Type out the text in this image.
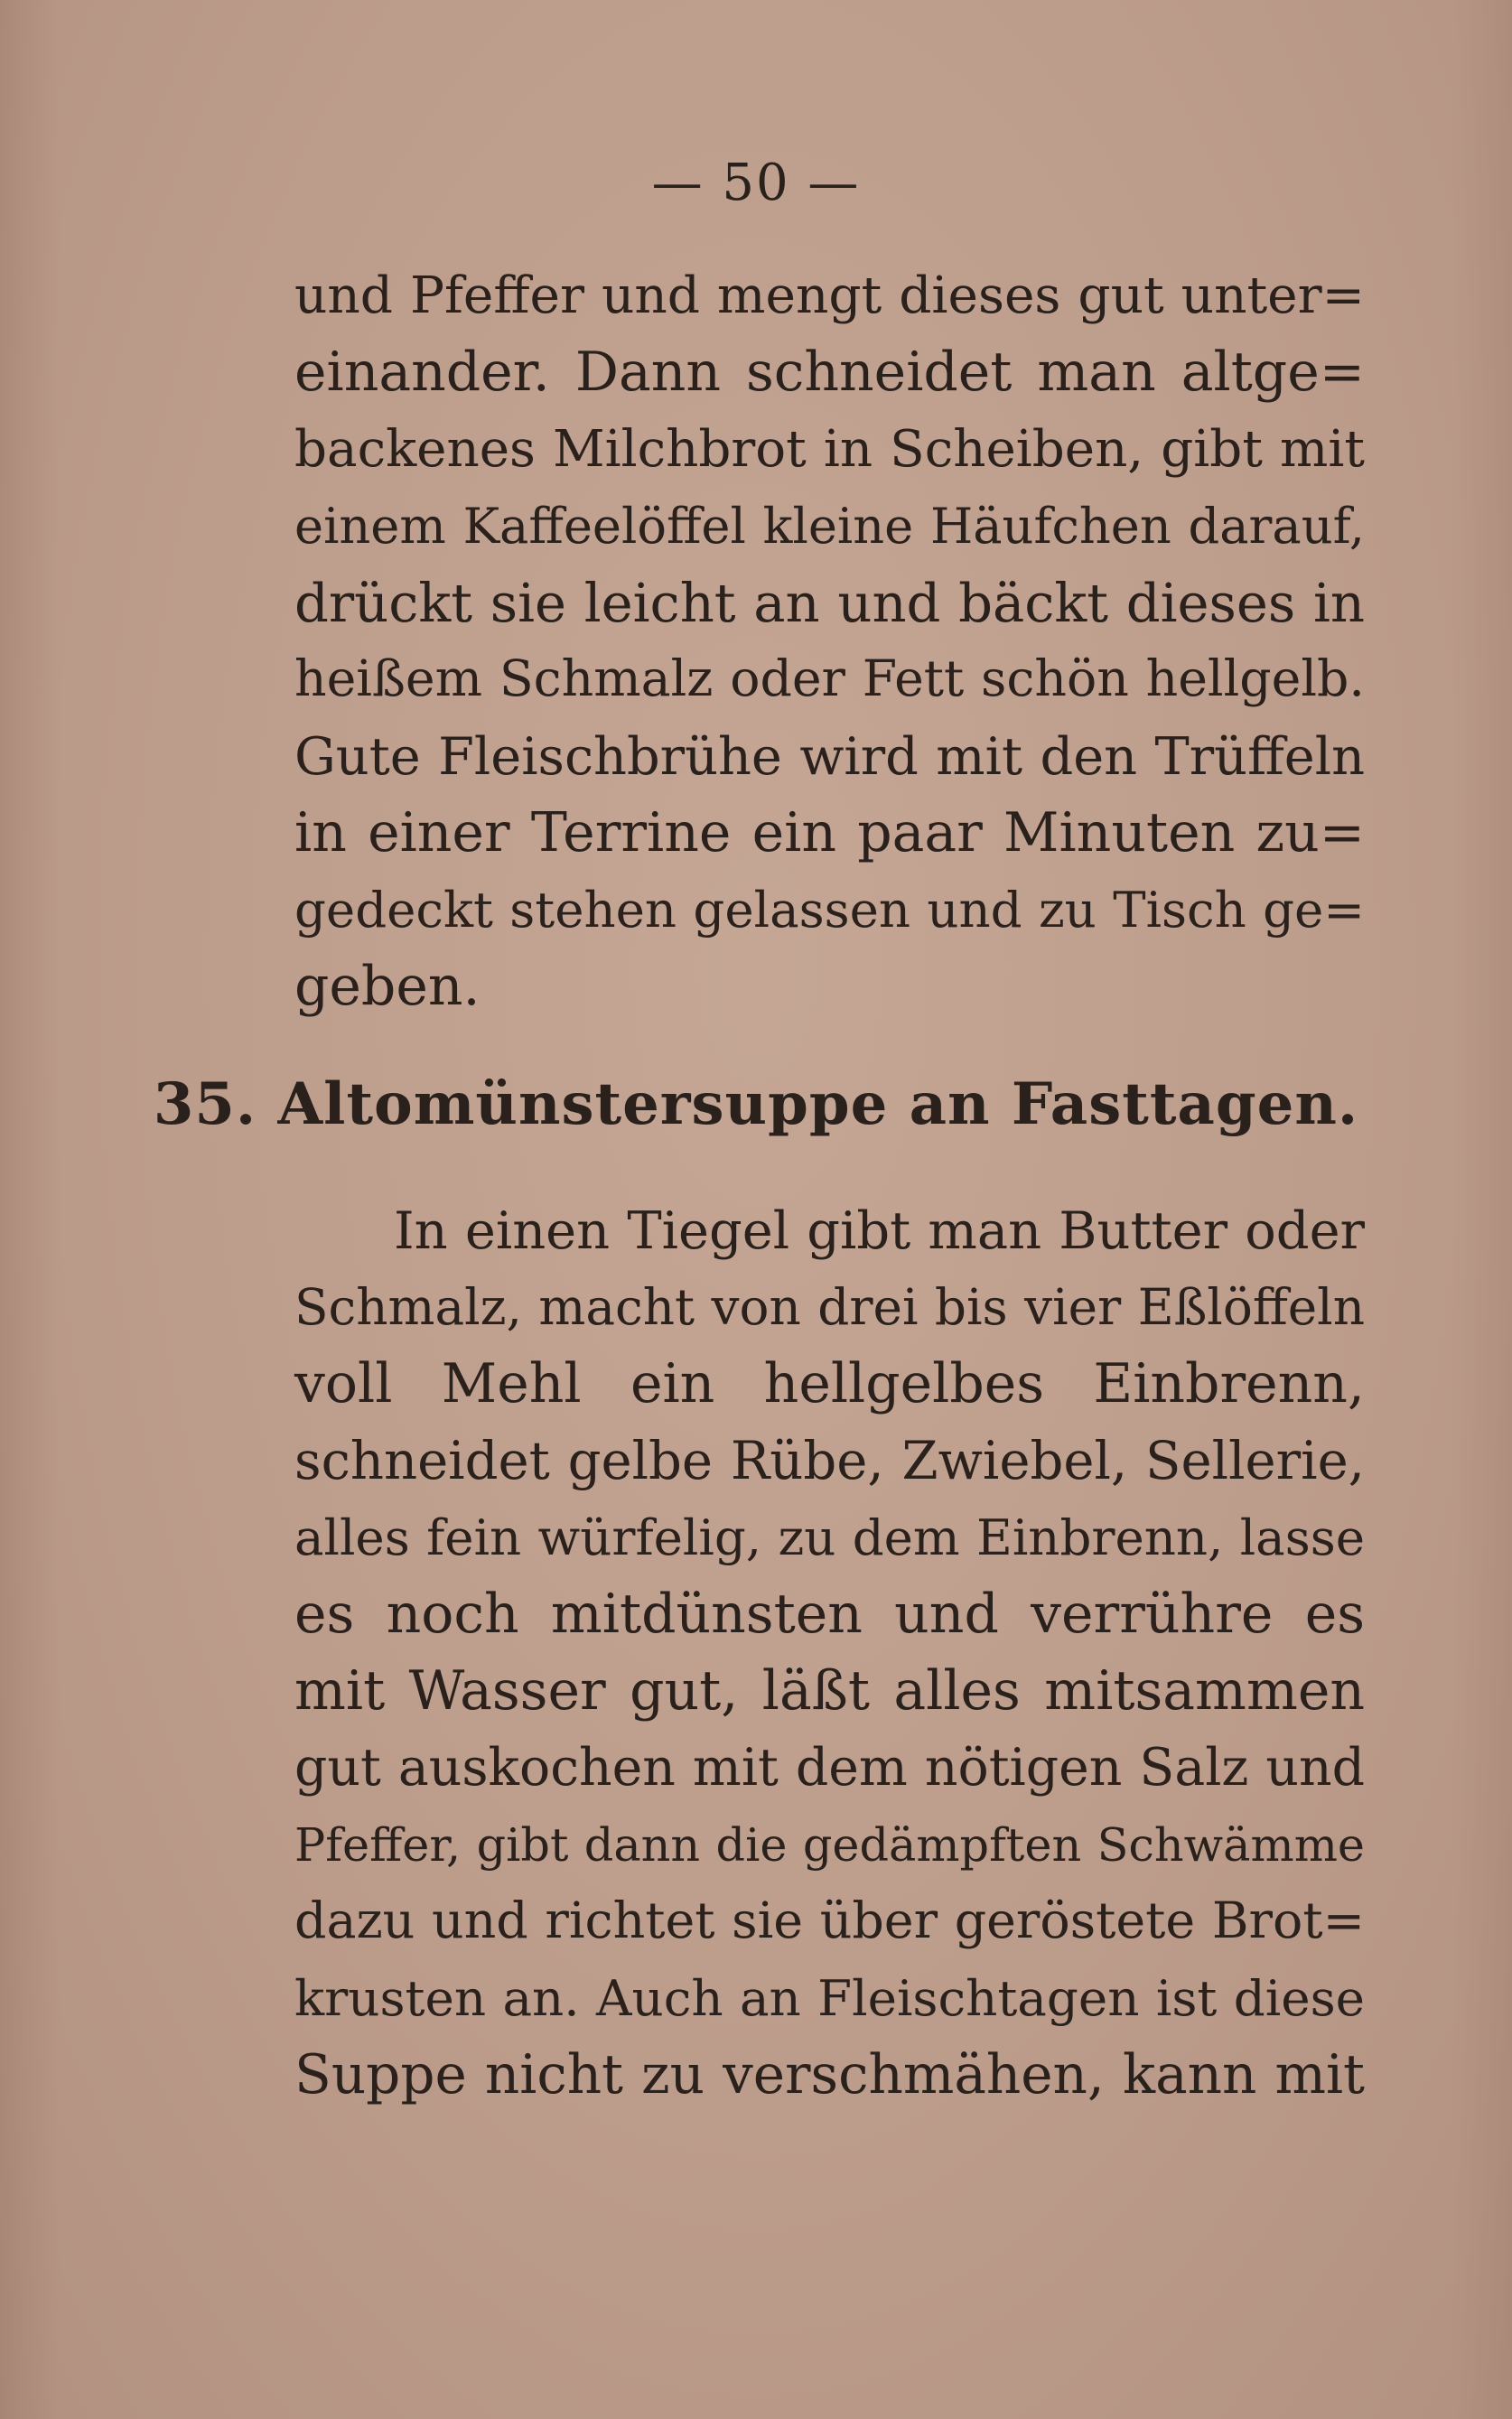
— 50 —
und Pfeffer und mengt dieses gut unter=
einander. Dann schneidet man altge=
backenes Milchbrot in Scheiben, gibt mit
einem Kaffeelöffel kleine Häufchen darauf,
drückt sie leicht an und bäckt dieses in
heißem Schmalz oder Fett schön hellgelb.
Gute Fleischbrühe wird mit den Trüffeln
in einer Terrine ein paar Minuten zu=
gedeckt stehen gelassen und zu Tisch ge=
geben.
35. Altomünstersuppe an Fasttagen.
In einen Tiegel gibt man Butter oder
Schmalz, macht von drei bis vier Eßlöffeln
voll Mehl ein hellgelbes Einbrenn,
schneidet gelbe Rübe, Zwiebel, Sellerie,
alles fein würfelig, zu dem Einbrenn, lasse
es noch mitdünsten und verrühre es
mit Wasser gut, läßt alles mitsammen
gut auskochen mit dem nötigen Salz und
Pfeffer, gibt dann die gedämpften Schwämme
dazu und richtet sie über geröstete Brot=
krusten an. Auch an Fleischtagen ist diese
Suppe nicht zu verschmähen, kann mit
